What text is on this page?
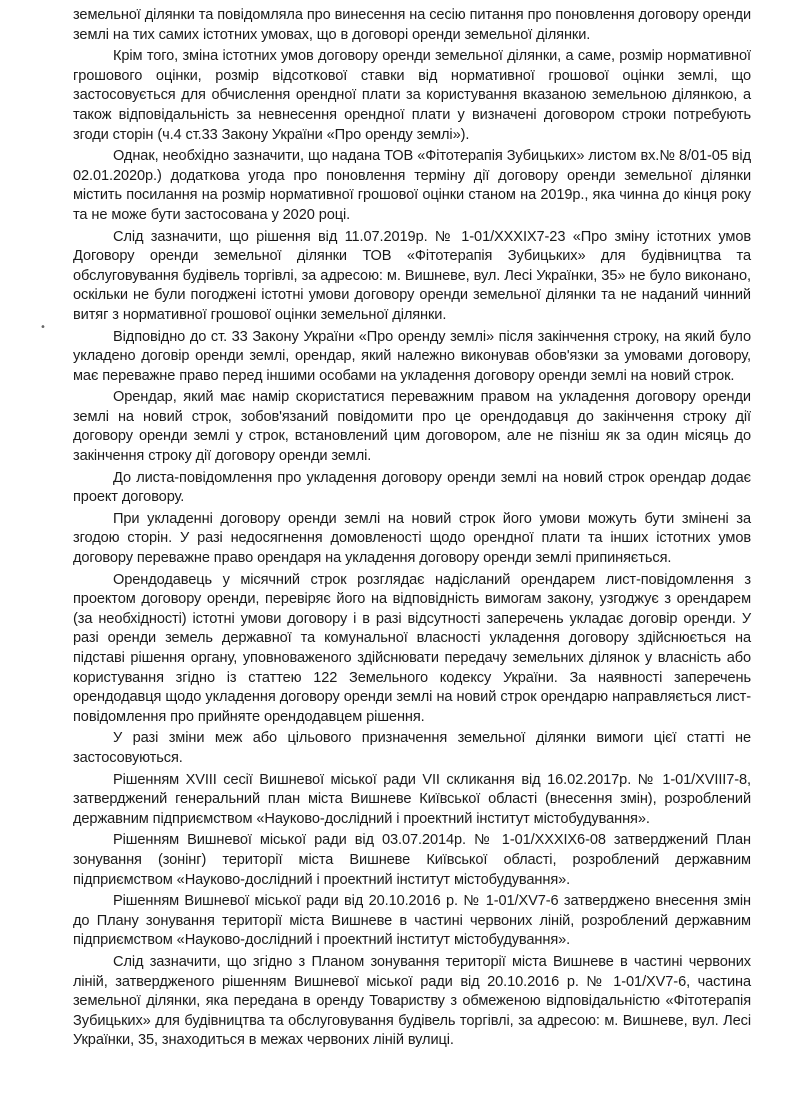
•

земельної ділянки та повідомляла про винесення на сесію питання про поновлення договору оренди землі на тих самих істотних умовах, що в договорі оренди земельної ділянки.

Крім того, зміна істотних умов договору оренди земельної ділянки, а саме, розмір нормативної грошового оцінки, розмір відсоткової ставки від нормативної грошової оцінки землі, що застосовується для обчислення орендної плати за користування вказаною земельною ділянкою, а також відповідальність за невнесення орендної плати у визначені договором строки потребують згоди сторін (ч.4 ст.33 Закону України «Про оренду землі»).

Однак, необхідно зазначити, що надана ТОВ «Фітотерапія Зубицьких» листом вх.№ 8/01-05 від 02.01.2020р.) додаткова угода про поновлення терміну дії договору оренди земельної ділянки містить посилання на розмір нормативної грошової оцінки станом на 2019р., яка чинна до кінця року та не може бути застосована у 2020 році.

Слід зазначити, що рішення від 11.07.2019р. № 1-01/XXXIX7-23 «Про зміну істотних умов Договору оренди земельної ділянки ТОВ «Фітотерапія Зубицьких» для будівництва та обслуговування будівель торгівлі, за адресою: м. Вишневе, вул. Лесі Українки, 35» не було виконано, оскільки не були погоджені істотні умови договору оренди земельної ділянки та не наданий чинний витяг з нормативної грошової оцінки земельної ділянки.

Відповідно до ст. 33 Закону України «Про оренду землі» після закінчення строку, на який було укладено договір оренди землі, орендар, який належно виконував обов'язки за умовами договору, має переважне право перед іншими особами на укладення договору оренди землі на новий строк.

Орендар, який має намір скористатися переважним правом на укладення договору оренди землі на новий строк, зобов'язаний повідомити про це орендодавця до закінчення строку дії договору оренди землі у строк, встановлений цим договором, але не пізніш як за один місяць до закінчення строку дії договору оренди землі.

До листа-повідомлення про укладення договору оренди землі на новий строк орендар додає проект договору.

При укладенні договору оренди землі на новий строк його умови можуть бути змінені за згодою сторін. У разі недосягнення домовленості щодо орендної плати та інших істотних умов договору переважне право орендаря на укладення договору оренди землі припиняється.

Орендодавець у місячний строк розглядає надісланий орендарем лист-повідомлення з проектом договору оренди, перевіряє його на відповідність вимогам закону, узгоджує з орендарем (за необхідності) істотні умови договору і в разі відсутності заперечень укладає договір оренди. У разі оренди земель державної та комунальної власності укладення договору здійснюється на підставі рішення органу, уповноваженого здійснювати передачу земельних ділянок у власність або користування згідно із статтею 122 Земельного кодексу України. За наявності заперечень орендодавця щодо укладення договору оренди землі на новий строк орендарю направляється лист-повідомлення про прийняте орендодавцем рішення.

У разі зміни меж або цільового призначення земельної ділянки вимоги цієї статті не застосовуються.

Рішенням XVIII сесії Вишневої міської ради VII скликання від 16.02.2017р. № 1-01/XVIII7-8, затверджений генеральний план міста Вишневе Київської області (внесення змін), розроблений державним підприємством «Науково-дослідний і проектний інститут містобудування».

Рішенням Вишневої міської ради від 03.07.2014р. № 1-01/XXXIX6-08 затверджений План зонування (зонінг) території міста Вишневе Київської області, розроблений державним підприємством «Науково-дослідний і проектний інститут містобудування».

Рішенням Вишневої міської ради від 20.10.2016 р. № 1-01/XV7-6 затверджено внесення змін до Плану зонування території міста Вишневе в частині червоних ліній, розроблений державним підприємством «Науково-дослідний і проектний інститут містобудування».

Слід зазначити, що згідно з Планом зонування території міста Вишневе в частині червоних ліній, затвердженого рішенням Вишневої міської ради від 20.10.2016 р. № 1-01/XV7-6, частина земельної ділянки, яка передана в оренду Товариству з обмеженою відповідальністю «Фітотерапія Зубицьких» для будівництва та обслуговування будівель торгівлі, за адресою: м. Вишневе, вул. Лесі Українки, 35, знаходиться в межах червоних ліній вулиці.
